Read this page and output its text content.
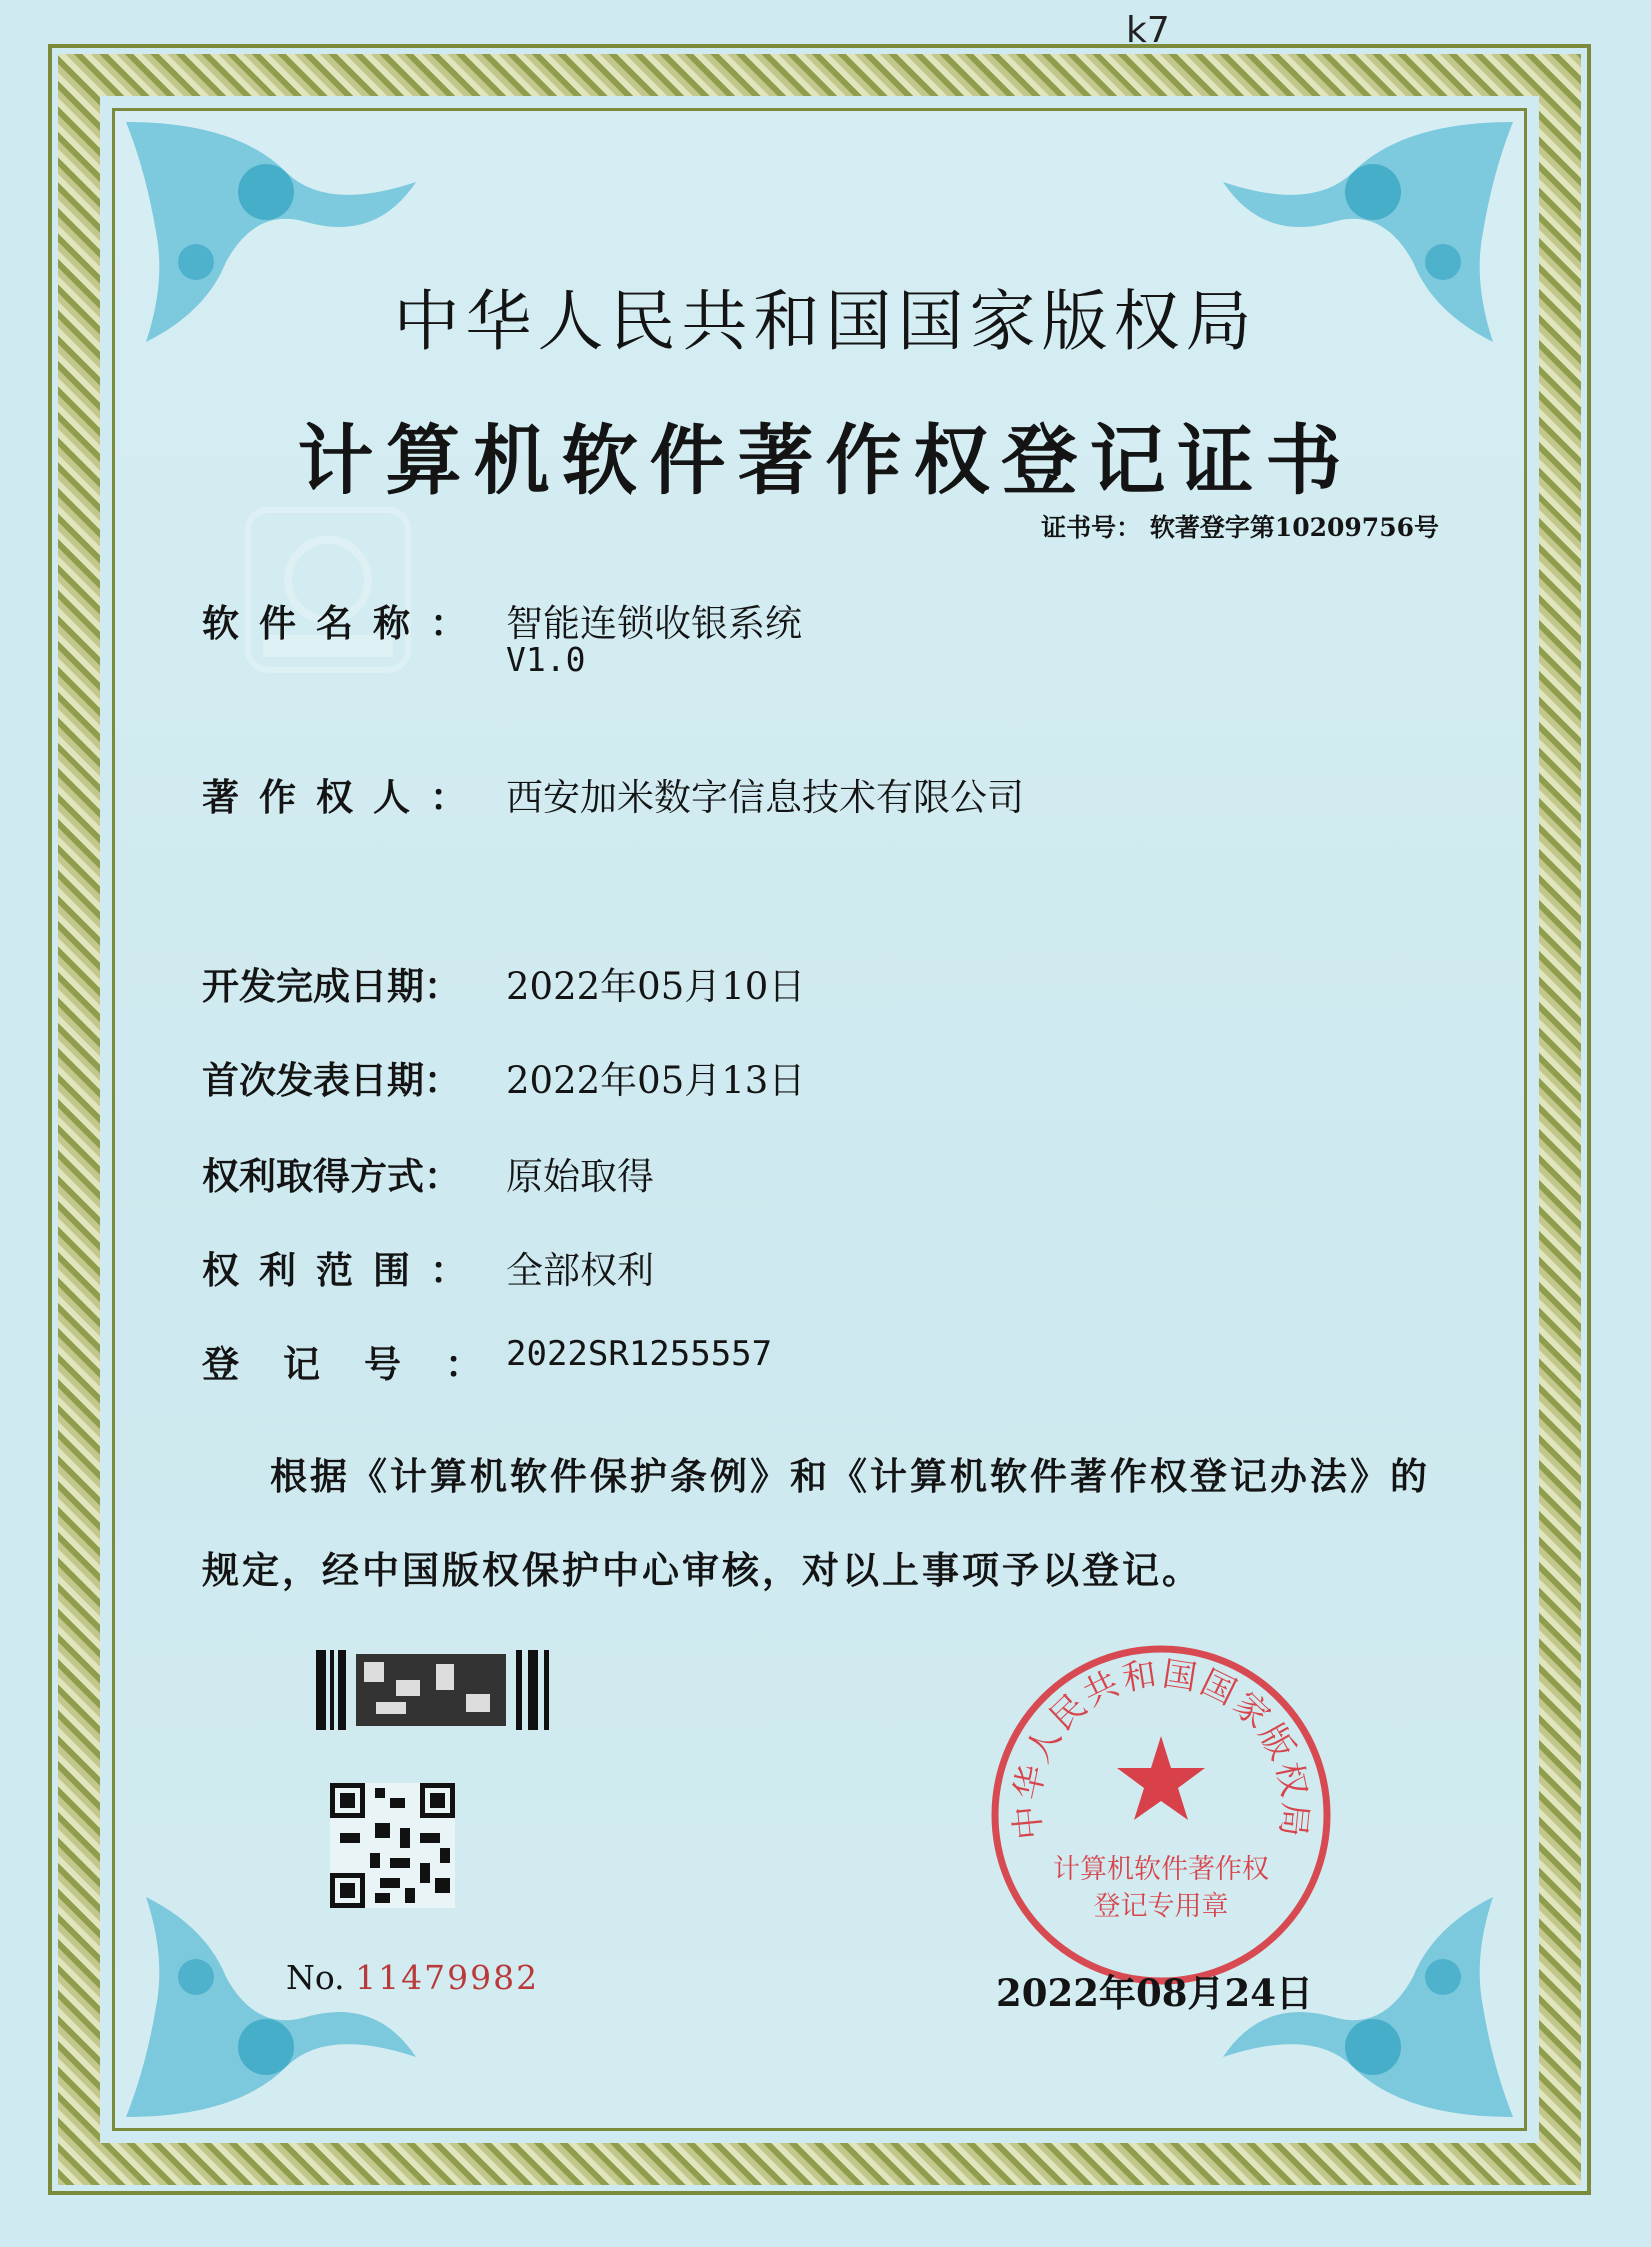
k7
中华人民共和国国家版权局
计算机软件著作权登记证书
证书号： 软著登字第10209756号
软件名称： 智能连锁收银系统
V1.0
著作权人： 西安加米数字信息技术有限公司
开发完成日期： 2022年05月10日
首次发表日期： 2022年05月13日
权利取得方式： 原始取得
权利范围： 全部权利
登记号：
2022SR1255557
根据《计算机软件保护条例》和《计算机软件著作权登记办法》的
规定，经中国版权保护中心审核，对以上事项予以登记。
No. 11479982
中华人民共和国国家版权局
计算机软件著作权
登记专用章
2022年08月24日
